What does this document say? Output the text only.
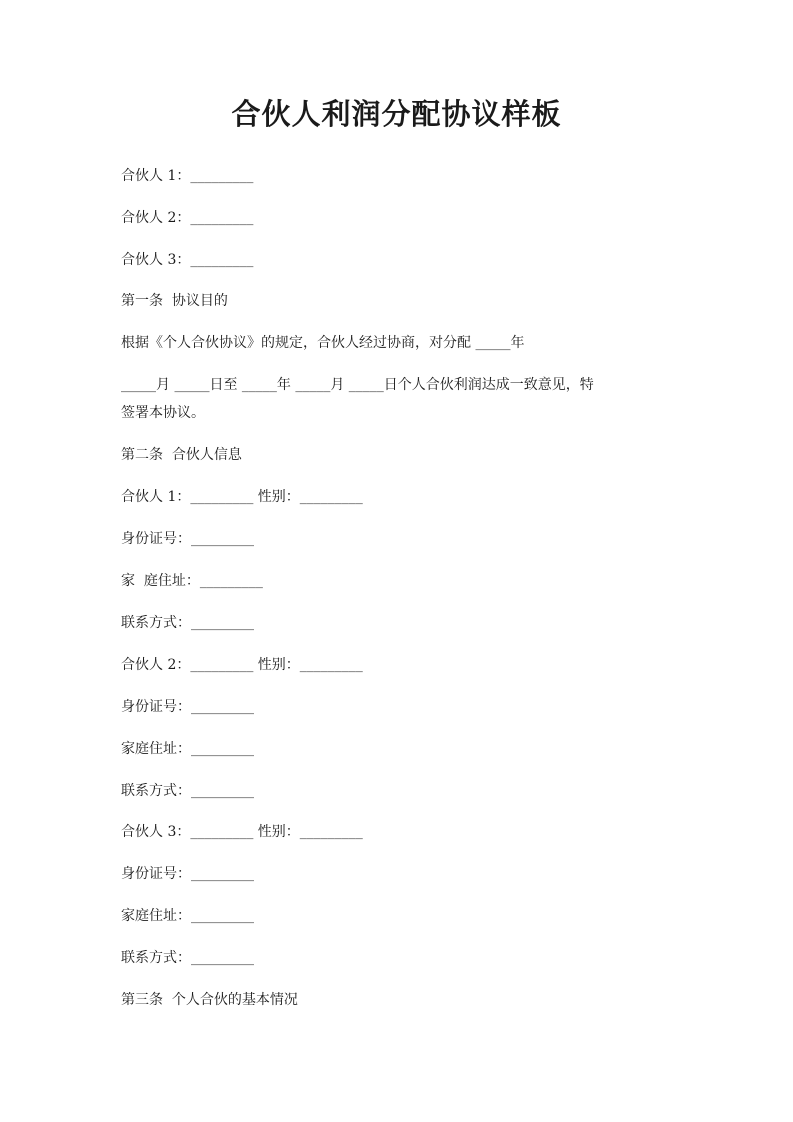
合伙人利润分配协议样板
合伙人 1：_________
合伙人 2：_________
合伙人 3：_________
第一条  协议目的
根据《个人合伙协议》的规定，合伙人经过协商，对分配 _____年
_____月 _____日至 _____年 _____月 _____日个人合伙利润达成一致意见，特
签署本协议。
第二条  合伙人信息
合伙人 1：_________ 性别：_________
身份证号：_________
家  庭住址：_________
联系方式：_________
合伙人 2：_________ 性别：_________
身份证号：_________
家庭住址：_________
联系方式：_________
合伙人 3：_________ 性别：_________
身份证号：_________
家庭住址：_________
联系方式：_________
第三条  个人合伙的基本情况
